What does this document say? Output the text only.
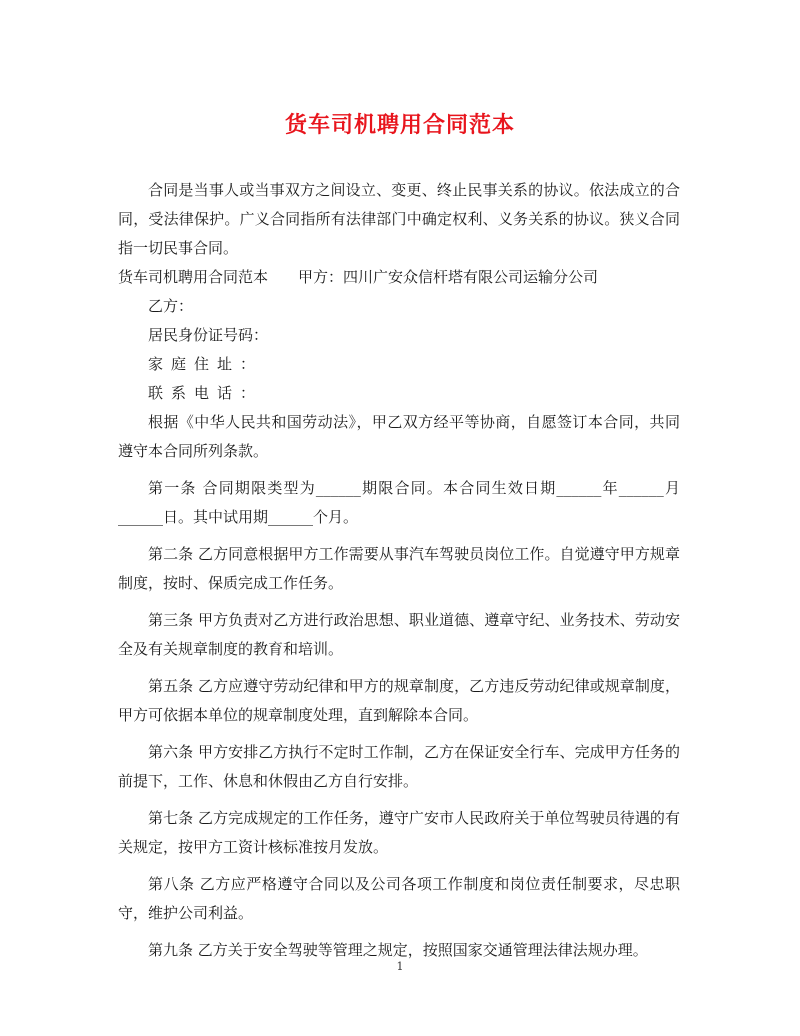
货车司机聘用合同范本

合同是当事人或当事双方之间设立、变更、终止民事关系的协议。依法成立的合同，受法律保护。广义合同指所有法律部门中确定权利、义务关系的协议。狭义合同指一切民事合同。

货车司机聘用合同范本 甲方：四川广安众信杆塔有限公司运输分公司

乙方：

居民身份证号码：

家庭住址：

联系电话：

根据《中华人民共和国劳动法》，甲乙双方经平等协商，自愿签订本合同，共同遵守本合同所列条款。

第一条 合同期限类型为______期限合同。本合同生效日期______年______月______日。其中试用期______个月。

第二条 乙方同意根据甲方工作需要从事汽车驾驶员岗位工作。自觉遵守甲方规章制度，按时、保质完成工作任务。

第三条 甲方负责对乙方进行政治思想、职业道德、遵章守纪、业务技术、劳动安全及有关规章制度的教育和培训。

第五条 乙方应遵守劳动纪律和甲方的规章制度，乙方违反劳动纪律或规章制度，甲方可依据本单位的规章制度处理，直到解除本合同。

第六条 甲方安排乙方执行不定时工作制，乙方在保证安全行车、完成甲方任务的前提下，工作、休息和休假由乙方自行安排。

第七条 乙方完成规定的工作任务，遵守广安市人民政府关于单位驾驶员待遇的有关规定，按甲方工资计核标准按月发放。

第八条 乙方应严格遵守合同以及公司各项工作制度和岗位责任制要求，尽忠职守，维护公司利益。

第九条 乙方关于安全驾驶等管理之规定，按照国家交通管理法律法规办理。

1
